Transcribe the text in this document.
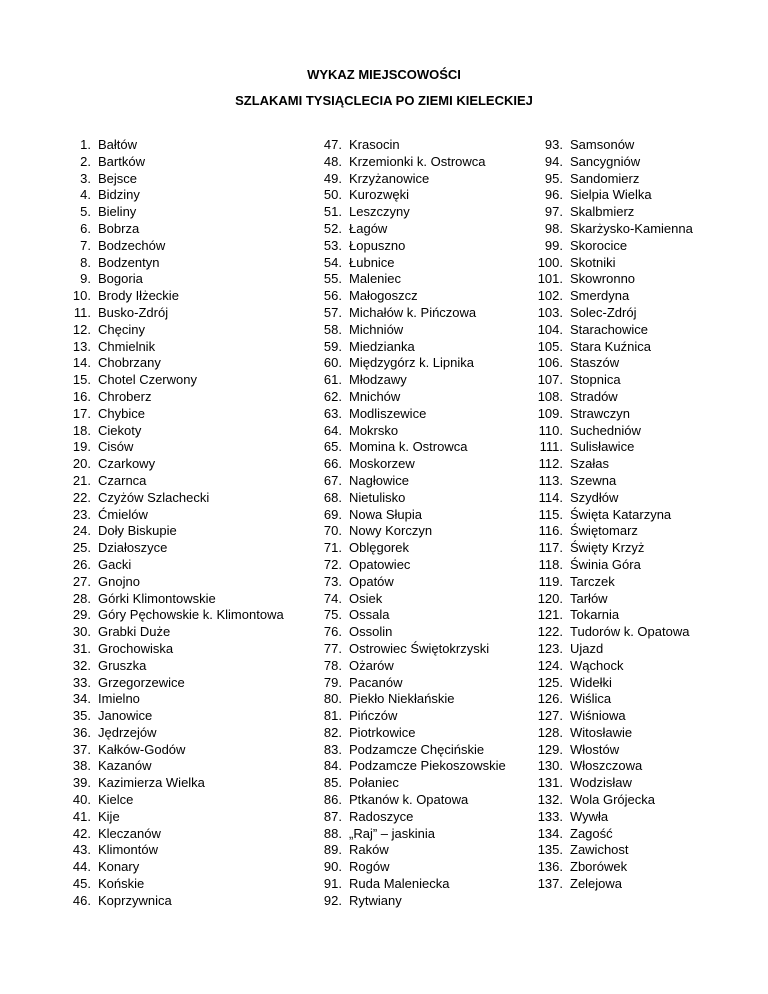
WYKAZ MIEJSCOWOŚCI
SZLAKAMI TYSIĄCLECIA PO ZIEMI KIELECKIEJ
1. Bałtów
2. Bartków
3. Bejsce
4. Bidziny
5. Bieliny
6. Bobrza
7. Bodzechów
8. Bodzentyn
9. Bogoria
10. Brody Iłżeckie
11. Busko-Zdrój
12. Chęciny
13. Chmielnik
14. Chobrzany
15. Chotel Czerwony
16. Chroberz
17. Chybice
18. Ciekoty
19. Cisów
20. Czarkowy
21. Czarnca
22. Czyżów Szlachecki
23. Ćmielów
24. Doły Biskupie
25. Działoszyce
26. Gacki
27. Gnojno
28. Górki Klimontowskie
29. Góry Pęchowskie k. Klimontowa
30. Grabki Duże
31. Grochowiska
32. Gruszka
33. Grzegorzewice
34. Imielno
35. Janowice
36. Jędrzejów
37. Kałków-Godów
38. Kazanów
39. Kazimierza Wielka
40. Kielce
41. Kije
42. Kleczanów
43. Klimontów
44. Konary
45. Końskie
46. Koprzywnica
47. Krasocin
48. Krzemionki k. Ostrowca
49. Krzyżanowice
50. Kurozwęki
51. Leszczyny
52. Łagów
53. Łopuszno
54. Łubnice
55. Maleniec
56. Małogoszcz
57. Michałów k. Pińczowa
58. Michniów
59. Miedzianka
60. Międzygórz k. Lipnika
61. Młodzawy
62. Mnichów
63. Modliszewice
64. Mokrsko
65. Momina k. Ostrowca
66. Moskorzew
67. Nagłowice
68. Nietulisko
69. Nowa Słupia
70. Nowy Korczyn
71. Oblęgorek
72. Opatowiec
73. Opatów
74. Osiek
75. Ossala
76. Ossolin
77. Ostrowiec Świętokrzyski
78. Ożarów
79. Pacanów
80. Piekło Niekłańskie
81. Pińczów
82. Piotrkowice
83. Podzamcze Chęcińskie
84. Podzamcze Piekoszowskie
85. Połaniec
86. Ptkanów k. Opatowa
87. Radoszyce
88. „Raj” – jaskinia
89. Raków
90. Rogów
91. Ruda Maleniecka
92. Rytwiany
93. Samsonów
94. Sancygniów
95. Sandomierz
96. Sielpia Wielka
97. Skalbmierz
98. Skarżysko-Kamienna
99. Skorocice
100. Skotniki
101. Skowronno
102. Smerdyna
103. Solec-Zdrój
104. Starachowice
105. Stara Kuźnica
106. Staszów
107. Stopnica
108. Stradów
109. Strawczyn
110. Suchedniów
111. Sulisławice
112. Szałas
113. Szewna
114. Szydłów
115. Święta Katarzyna
116. Świętomarz
117. Święty Krzyż
118. Świnia Góra
119. Tarczek
120. Tarłów
121. Tokarnia
122. Tudorów k. Opatowa
123. Ujazd
124. Wąchock
125. Widełki
126. Wiślica
127. Wiśniowa
128. Witosławie
129. Włostów
130. Włoszczowa
131. Wodzisław
132. Wola Grójecka
133. Wywła
134. Zagość
135. Zawichost
136. Zborówek
137. Zelejowa
